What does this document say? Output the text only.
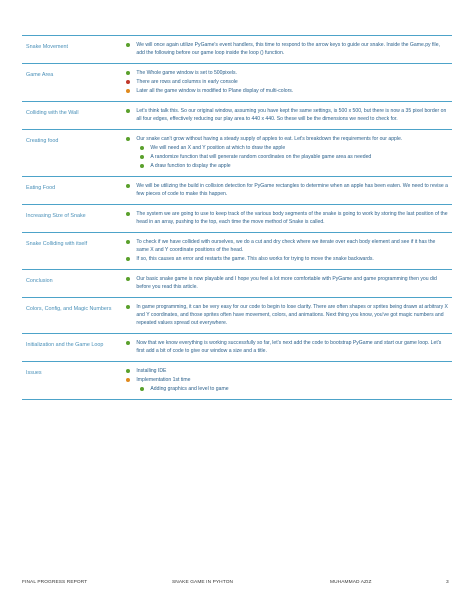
Snake Movement	We will once again utilize PyGame's event handlers, this time to respond to the arrow keys to guide our snake. Inside the Game.py file, add the following before our game loop inside the loop () function.

Game Area	The Whole game window is set to 500pixels.
There are rows and columns in early console
Later all the game window is modified to Plane display of multi-colors.

Colliding with the Wall	Let's think talk this. So our original window, assuming you have kept the same settings, is 500 x 500, but there is now a 35 pixel border on all four edges, effectively reducing our play area to 440 x 440. So these will be the dimensions we need to check for.

Creating food	Our snake can't grow without having a steady supply of apples to eat. Let's breakdown the requirements for our apple.
We will need an X and Y position at which to draw the apple
A randomize function that will generate random coordinates on the playable game area as needed
A draw function to display the apple

Eating Food	We will be utilizing the build in collision detection for PyGame rectangles to determine when an apple has been eaten. We need to revise a few pieces of code to make this happen.

Increasing Size of Snake	The system we are going to use to keep track of the various body segments of the snake is going to work by storing the last position of the head in an array, pushing to the top, each time the move method of Snake is called.

Snake Colliding with itself	To check if we have collided with ourselves, we do a cut and dry check where we iterate over each body element and see if it has the same X and Y coordinate positions of the head.
If so, this causes an error and restarts the game. This also works for trying to move the snake backwards.

Conclusion	Our basic snake game is now playable and I hope you feel a lot more comfortable with PyGame and game programming then you did before you read this article.

Colors, Config, and Magic Numbers	In game programming, it can be very easy for our code to begin to lose clarity. There are often shapes or sprites being drawn at arbitrary X and Y coordinates, and those sprites often have movement, colors, and animations. Next thing you know, you've got magic numbers and repeated values spread out everywhere.

Initialization and the Game Loop	Now that we know everything is working successfully so far, let's next add the code to bootstrap PyGame and start our game loop. Let's first add a bit of code to give our window a size and a title.

Issues	Installing IDE
Implementation 1st time
Adding graphics and level to game
FINAL PROGRESS REPORT	SNAKE GAME IN PYHTON	MUHAMMAD AZIZ	3
